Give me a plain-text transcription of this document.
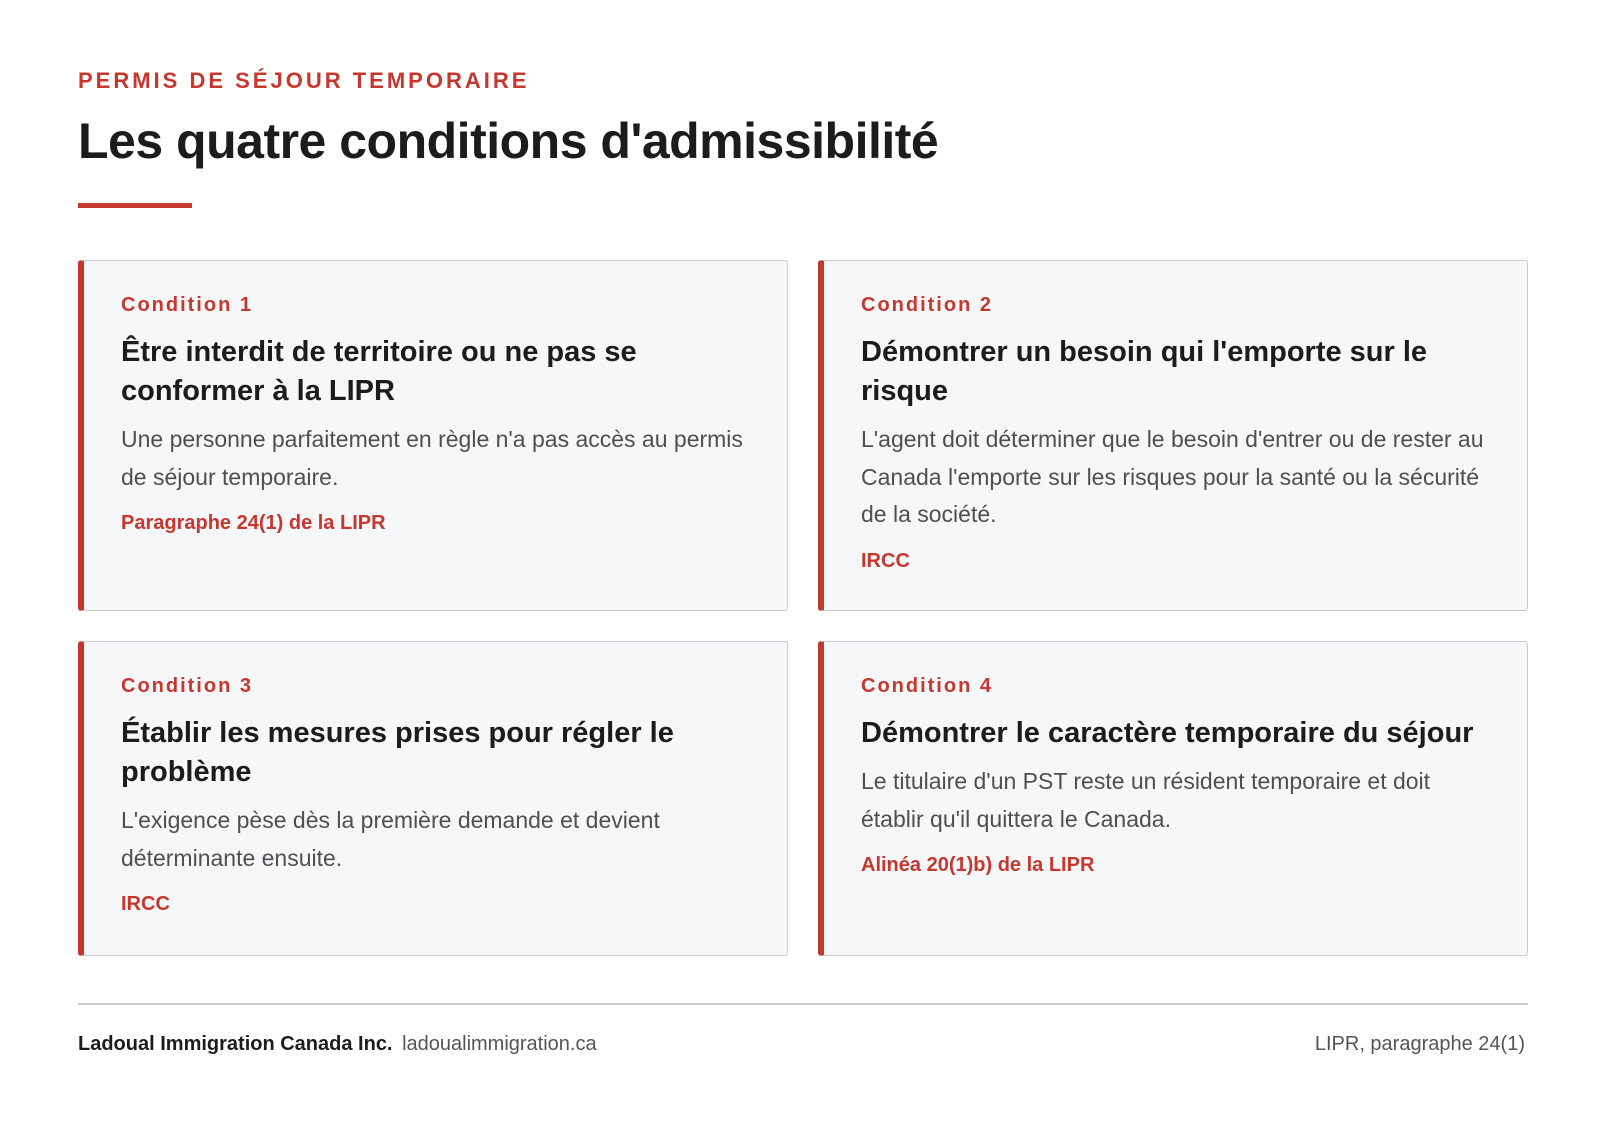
PERMIS DE SÉJOUR TEMPORAIRE
Les quatre conditions d'admissibilité
Condition 1
Être interdit de territoire ou ne pas se conformer à la LIPR
Une personne parfaitement en règle n'a pas accès au permis de séjour temporaire.
Paragraphe 24(1) de la LIPR
Condition 2
Démontrer un besoin qui l'emporte sur le risque
L'agent doit déterminer que le besoin d'entrer ou de rester au Canada l'emporte sur les risques pour la santé ou la sécurité de la société.
IRCC
Condition 3
Établir les mesures prises pour régler le problème
L'exigence pèse dès la première demande et devient déterminante ensuite.
IRCC
Condition 4
Démontrer le caractère temporaire du séjour
Le titulaire d'un PST reste un résident temporaire et doit établir qu'il quittera le Canada.
Alinéa 20(1)b) de la LIPR
Ladoual Immigration Canada Inc. ladoualimmigration.ca	LIPR, paragraphe 24(1)
